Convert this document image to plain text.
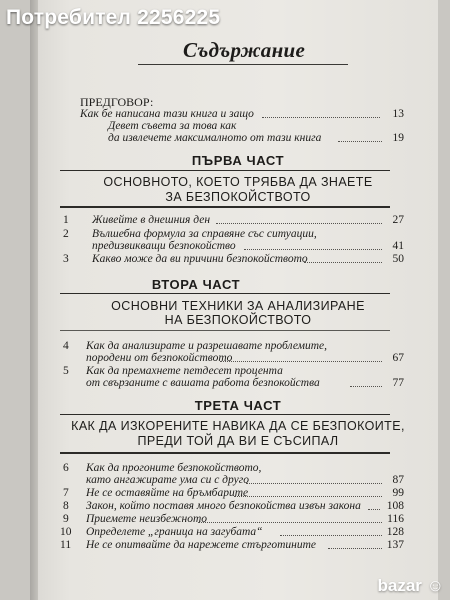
Потребител 2256225
Съдържание
ПРЕДГОВОР:
Как бе написана тази книга и защо	13
Девет съвета за това как
да извлечете максималното от тази книга	19
ПЪРВА ЧАСТ
ОСНОВНОТО, КОЕТО ТРЯБВА ДА ЗНАЕТЕ
ЗА БЕЗПОКОЙСТВОТО
1 Живейте в днешния ден	27
2 Вълшебна формула за справяне със ситуации,
предизвикващи безпокойство	41
3 Какво може да ви причини безпокойството	50
ВТОРА ЧАСТ
ОСНОВНИ ТЕХНИКИ ЗА АНАЛИЗИРАНЕ
НА БЕЗПОКОЙСТВОТО
4 Как да анализирате и разрешавате проблемите,
породени от безпокойството	67
5 Как да премахнете петдесет процента
от свързаните с вашата работа безпокойства	77
ТРЕТА ЧАСТ
КАК ДА ИЗКОРЕНИТЕ НАВИКА ДА СЕ БЕЗПОКОИТЕ,
ПРЕДИ ТОЙ ДА ВИ Е СЪСИПАЛ
6 Как да прогоните безпокойството,
като ангажирате ума си с друго	87
7 Не се оставяйте на бръмбарите	99
8 Закон, който поставя много безпокойства извън закона	108
9 Приемете неизбежното	116
10 Определете „граница на загубата“	128
11 Не се опитвайте да нарежете стърготините	137
bazar ☺
